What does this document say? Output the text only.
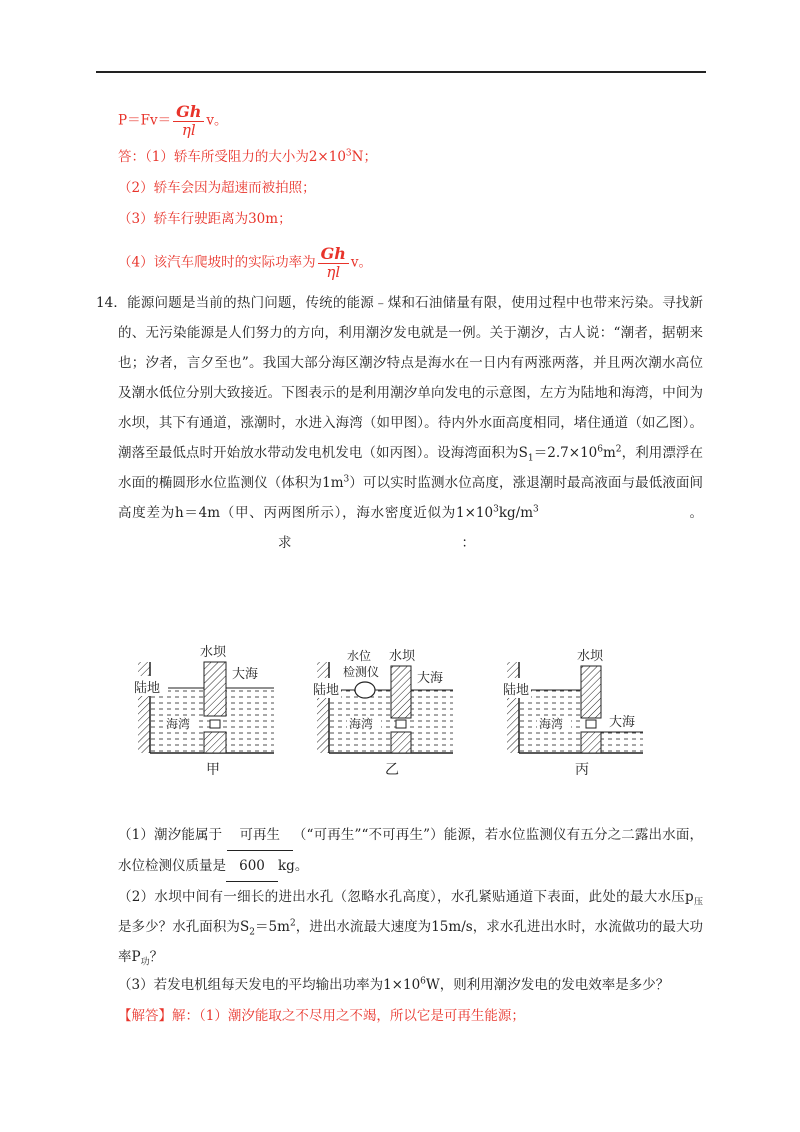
$P=Fv= \frac{Gh}{\eta l}$ v。
答：（1）轿车所受阻力的大小为$2\times 10^3N$；
（2）轿车会因为超速而被拍照；
（3）轿车行驶距离为30m；
（4）该汽车爬坡时的实际功率为 $\frac{Gh}{\eta l}$ v。
14．能源问题是当前的热门问题，传统的能源﹣煤和石油储量有限，使用过程中也带来污染。寻找新的、无污染能源是人们努力的方向，利用潮汐发电就是一例。关于潮汐，古人说：“潮者，据朝来也；汐者，言夕至也”。我国大部分海区潮汐特点是海水在一日内有两涨两落，并且两次潮水高位及潮水低位分别大致接近。下图表示的是利用潮汐单向发电的示意图，左方为陆地和海湾，中间为水坝，其下有通道，涨潮时，水进入海湾（如甲图）。待内外水面高度相同，堵住通道（如乙图）。潮落至最低点时开始放水带动发电机发电（如丙图）。设海湾面积为$S_1=2.7\times 10^6m^2$，利用漂浮在水面的椭圆形水位监测仪（体积为$1m^3$）可以实时监测水位高度，涨退潮时最高液面与最低液面间高度差为h＝4m（甲、丙两图所示），海水密度近似为$1\times 10^3kg/m^3$	。求	：
陆地
水坝
大海
海湾
甲
陆地
水位
检测仪
水坝
大海
海湾
乙
陆地
水坝
海湾	大海
丙
（1）潮汐能属于 可再生 （“可再生”“不可再生”）能源，若水位监测仪有五分之二露出水面，水位检测仪质量是 600 kg。
（2）水坝中间有一细长的进出水孔（忽略水孔高度），水孔紧贴通道下表面，此处的最大水压$p_压$是多少？水孔面积为$S_2=5m^2$，进出水流最大速度为15m/s，求水孔进出水时，水流做功的最大功率$P_功$？
（3）若发电机组每天发电的平均输出功率为$1\times 10^6W$，则利用潮汐发电的发电效率是多少？
【解答】解：（1）潮汐能取之不尽用之不竭，所以它是可再生能源；
